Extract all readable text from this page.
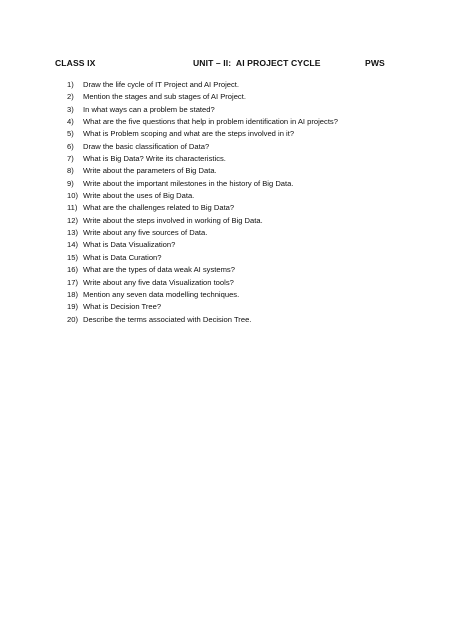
CLASS IX	UNIT – II:  AI PROJECT CYCLE	PWS
1) Draw the life cycle of IT Project and AI Project.
2) Mention the stages and sub stages of AI Project.
3) In what ways can a problem be stated?
4) What are the five questions that help in problem identification in AI projects?
5) What is Problem scoping and what are the steps involved in it?
6) Draw the basic classification of Data?
7) What is Big Data? Write its characteristics.
8) Write about the parameters of Big Data.
9) Write about the important milestones in the history of Big Data.
10) Write about the uses of Big Data.
11) What are the challenges related to Big Data?
12) Write about the steps involved in working of Big Data.
13) Write about any five sources of Data.
14) What is Data Visualization?
15) What is Data Curation?
16) What are the types of data weak AI systems?
17) Write about any five data Visualization tools?
18) Mention any seven data modelling techniques.
19) What is Decision Tree?
20)Describe the terms associated with Decision Tree.
